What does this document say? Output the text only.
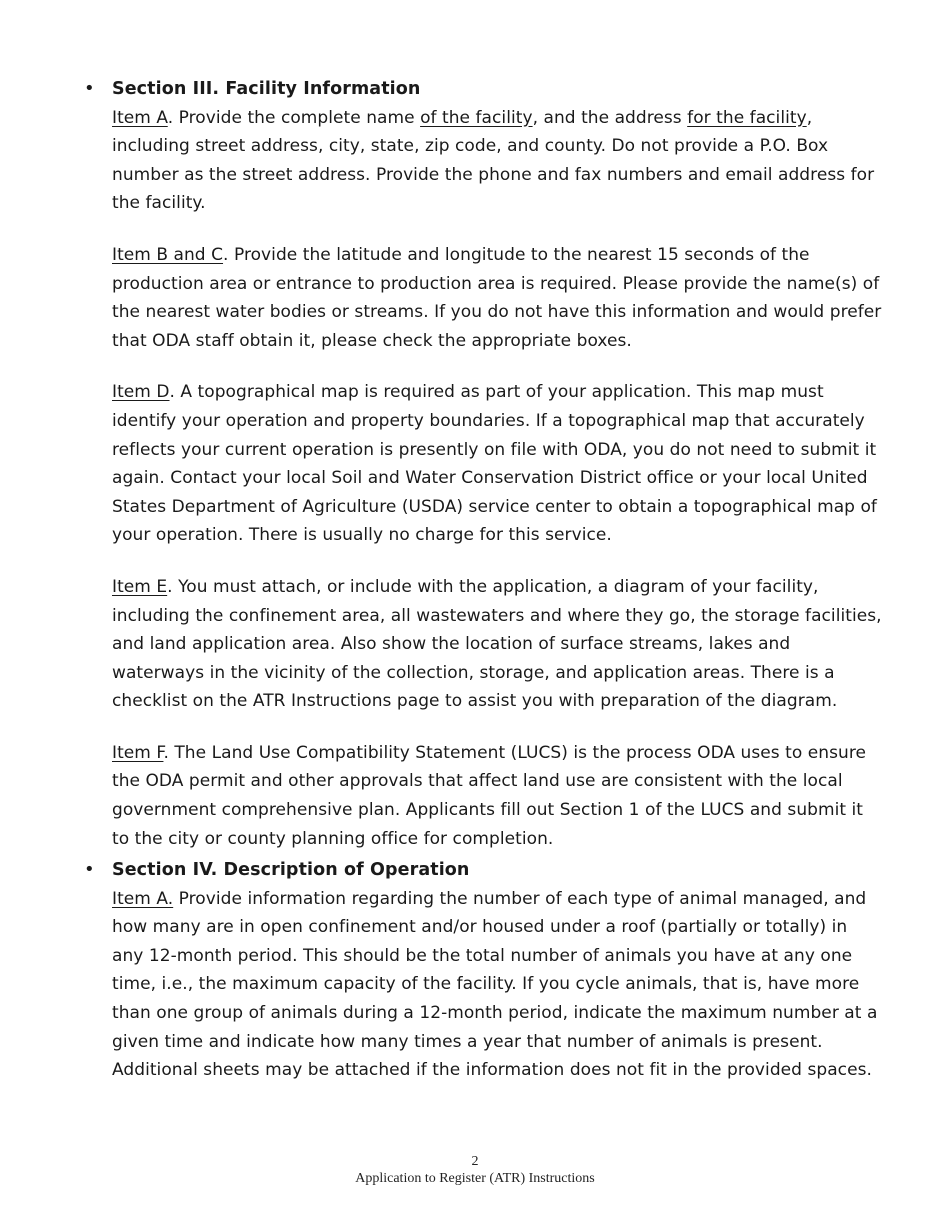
• Section III. Facility Information
Item A. Provide the complete name of the facility, and the address for the facility, including street address, city, state, zip code, and county. Do not provide a P.O. Box number as the street address. Provide the phone and fax numbers and email address for the facility.
Item B and C. Provide the latitude and longitude to the nearest 15 seconds of the production area or entrance to production area is required. Please provide the name(s) of the nearest water bodies or streams. If you do not have this information and would prefer that ODA staff obtain it, please check the appropriate boxes.
Item D. A topographical map is required as part of your application. This map must identify your operation and property boundaries. If a topographical map that accurately reflects your current operation is presently on file with ODA, you do not need to submit it again. Contact your local Soil and Water Conservation District office or your local United States Department of Agriculture (USDA) service center to obtain a topographical map of your operation. There is usually no charge for this service.
Item E. You must attach, or include with the application, a diagram of your facility, including the confinement area, all wastewaters and where they go, the storage facilities, and land application area. Also show the location of surface streams, lakes and waterways in the vicinity of the collection, storage, and application areas. There is a checklist on the ATR Instructions page to assist you with preparation of the diagram.
Item F. The Land Use Compatibility Statement (LUCS) is the process ODA uses to ensure the ODA permit and other approvals that affect land use are consistent with the local government comprehensive plan. Applicants fill out Section 1 of the LUCS and submit it to the city or county planning office for completion.
• Section IV. Description of Operation
Item A. Provide information regarding the number of each type of animal managed, and how many are in open confinement and/or housed under a roof (partially or totally) in any 12-month period. This should be the total number of animals you have at any one time, i.e., the maximum capacity of the facility. If you cycle animals, that is, have more than one group of animals during a 12-month period, indicate the maximum number at a given time and indicate how many times a year that number of animals is present. Additional sheets may be attached if the information does not fit in the provided spaces.
2
Application to Register (ATR) Instructions
